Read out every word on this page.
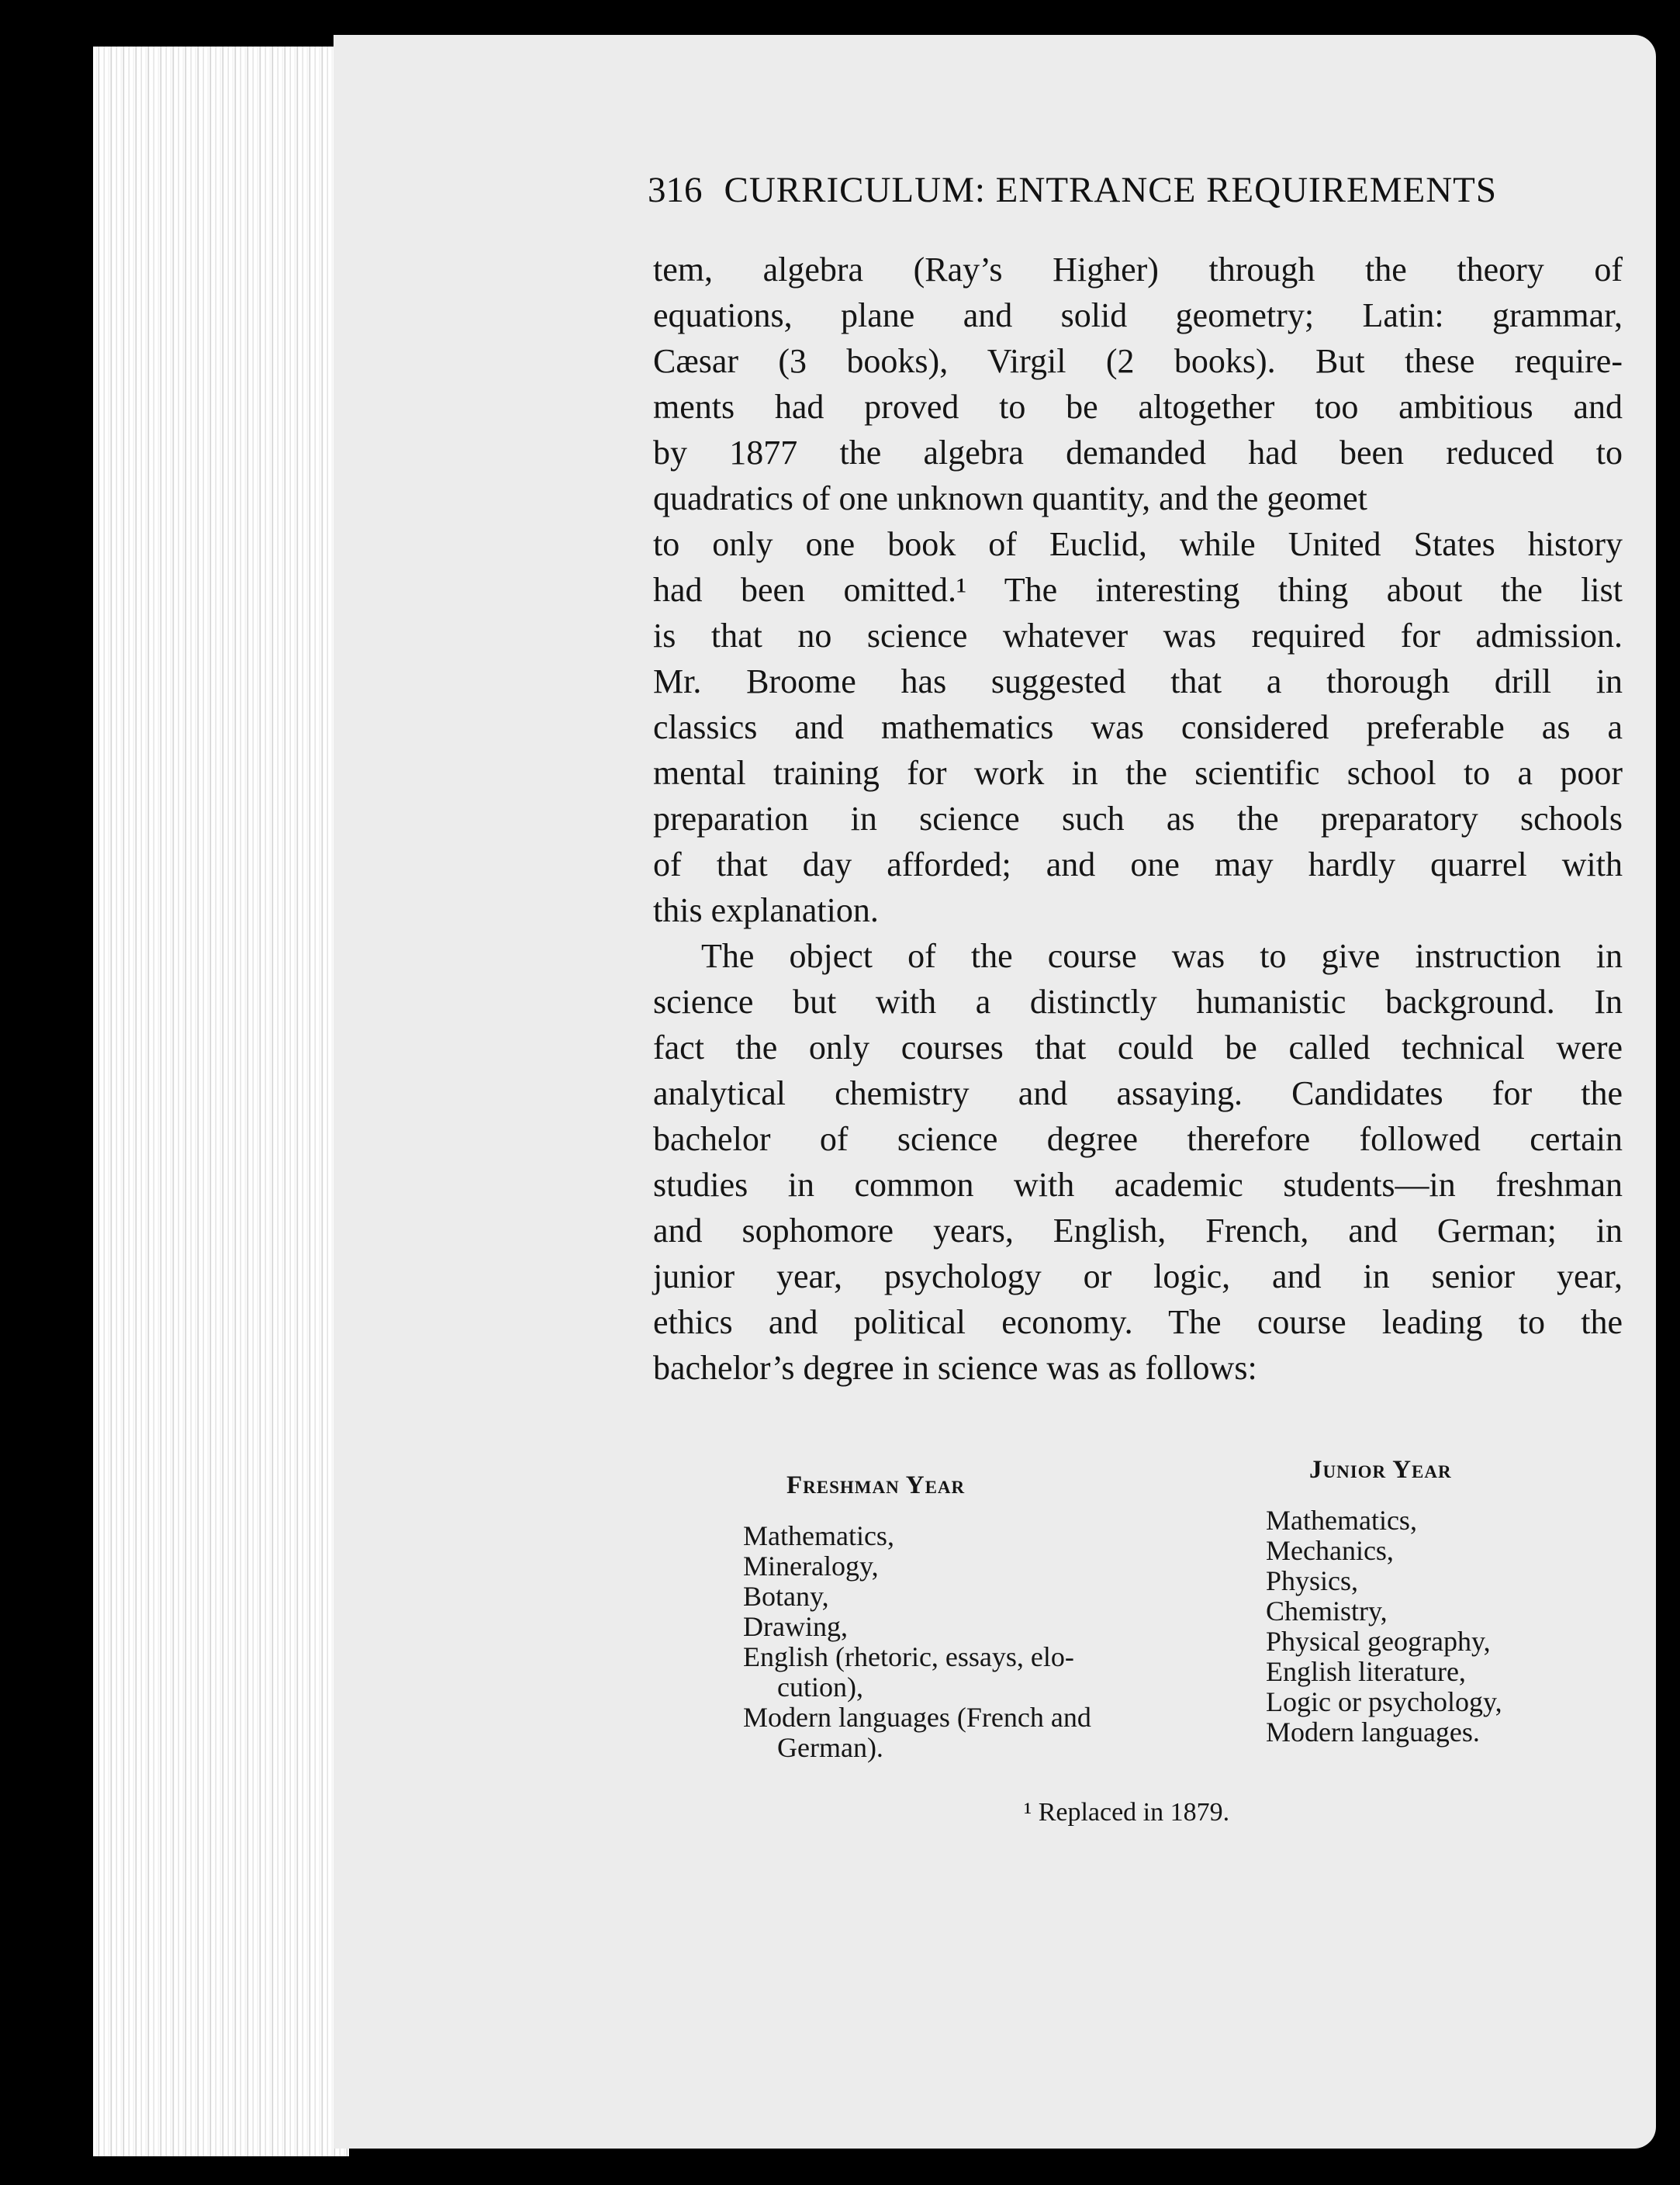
316 CURRICULUM: ENTRANCE REQUIREMENTS

tem, algebra (Ray’s Higher) through the theory of
equations, plane and solid geometry; Latin: grammar,
Cæsar (3 books), Virgil (2 books). But these require-
ments had proved to be altogether too ambitious and
by 1877 the algebra demanded had been reduced to
quadratics of one unknown quantity, and the geomet
to only one book of Euclid, while United States history
had been omitted.¹ The interesting thing about the list
is that no science whatever was required for admission.
Mr. Broome has suggested that a thorough drill in
classics and mathematics was considered preferable as a
mental training for work in the scientific school to a poor
preparation in science such as the preparatory schools
of that day afforded; and one may hardly quarrel with
this explanation.

The object of the course was to give instruction in
science but with a distinctly humanistic background. In
fact the only courses that could be called technical were
analytical chemistry and assaying. Candidates for the
bachelor of science degree therefore followed certain
studies in common with academic students—in freshman
and sophomore years, English, French, and German; in
junior year, psychology or logic, and in senior year,
ethics and political economy. The course leading to the
bachelor’s degree in science was as follows:

Freshman Year
Mathematics,
Mineralogy,
Botany,
Drawing,
English (rhetoric, essays, elo-
cution),
Modern languages (French and
German).
Junior Year
Mathematics,
Mechanics,
Physics,
Chemistry,
Physical geography,
English literature,
Logic or psychology,
Modern languages.
¹ Replaced in 1879.
